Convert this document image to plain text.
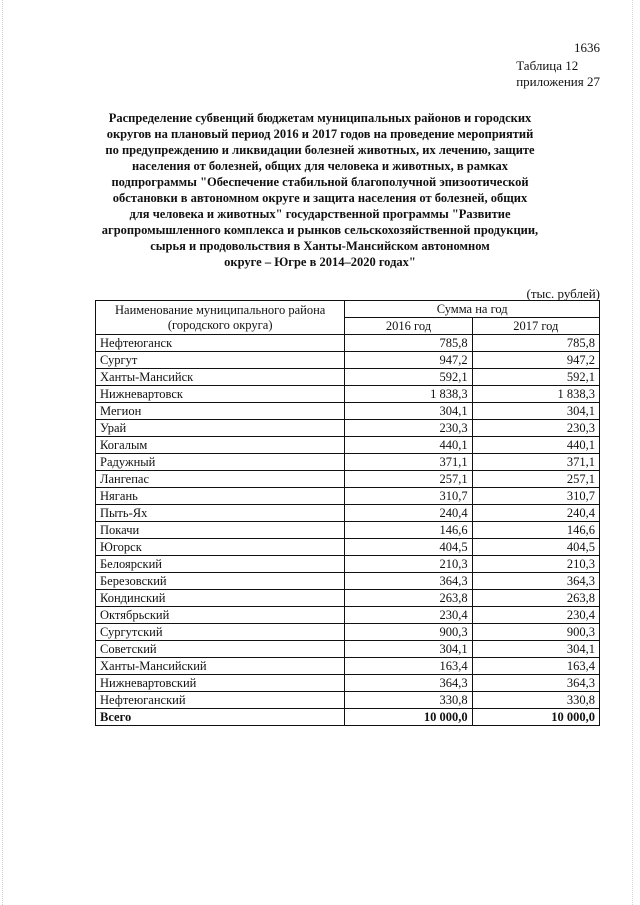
1636
Таблица 12
приложения 27
Распределение субвенций бюджетам муниципальных районов и городских
округов на плановый период 2016 и 2017 годов на проведение мероприятий
по предупреждению и ликвидации болезней животных, их лечению, защите
населения от болезней, общих для человека и животных, в рамках
подпрограммы "Обеспечение стабильной благополучной эпизоотической
обстановки в автономном округе и защита населения от болезней, общих
для человека и животных" государственной программы "Развитие
агропромышленного комплекса и рынков сельскохозяйственной продукции,
сырья и продовольствия в Ханты-Мансийском автономном
округе – Югре в 2014–2020 годах"
(тыс. рублей)
Наименование муниципального района
(городского округа)	Сумма на год	
	2016 год	2017 год
Нефтеюганск	785,8	785,8
Сургут	947,2	947,2
Ханты-Мансийск	592,1	592,1
Нижневартовск	1 838,3	1 838,3
Мегион	304,1	304,1
Урай	230,3	230,3
Когалым	440,1	440,1
Радужный	371,1	371,1
Лангепас	257,1	257,1
Нягань	310,7	310,7
Пыть-Ях	240,4	240,4
Покачи	146,6	146,6
Югорск	404,5	404,5
Белоярский	210,3	210,3
Березовский	364,3	364,3
Кондинский	263,8	263,8
Октябрьский	230,4	230,4
Сургутский	900,3	900,3
Советский	304,1	304,1
Ханты-Мансийский	163,4	163,4
Нижневартовский	364,3	364,3
Нефтеюганский	330,8	330,8
Всего	10 000,0	10 000,0
